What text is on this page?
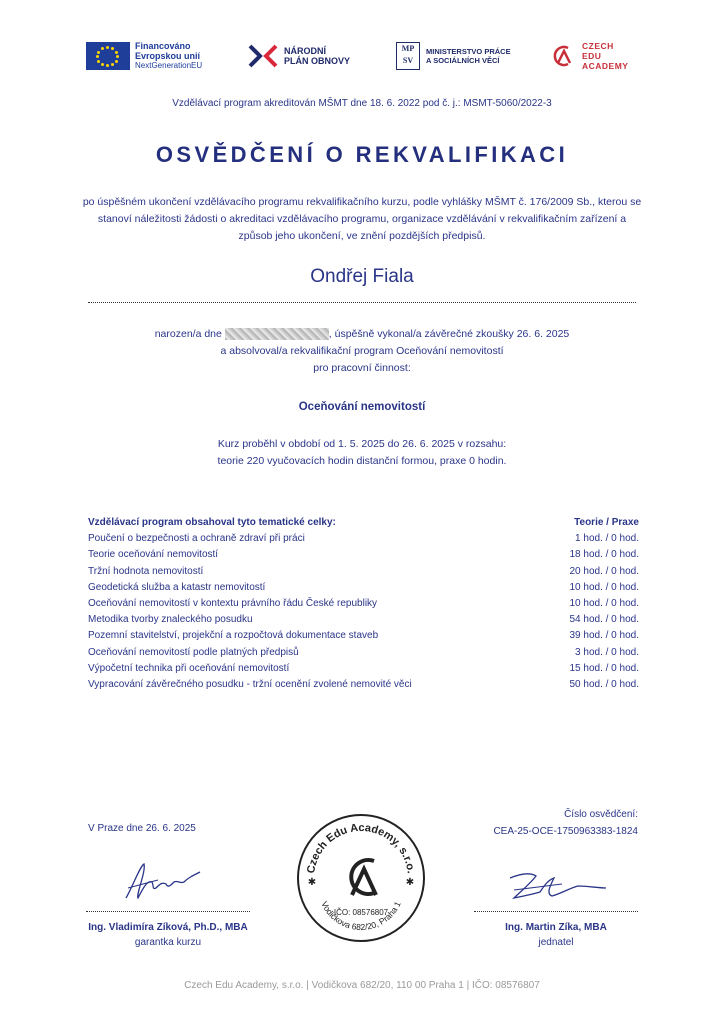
Financováno
Evropskou unií
NextGenerationEU
NÁRODNÍ
PLÁN OBNOVY
MP
SV
MINISTERSTVO PRÁCE
A SOCIÁLNÍCH VĚCÍ
CZECH
EDU
ACADEMY
Vzdělávací program akreditován MŠMT dne 18. 6. 2022 pod č. j.: MSMT-5060/2022-3
OSVĚDČENÍ O REKVALIFIKACI
po úspěšném ukončení vzdělávacího programu rekvalifikačního kurzu, podle vyhlášky MŠMT č. 176/2009 Sb., kterou se stanoví náležitosti žádosti o akreditaci vzdělávacího programu, organizace vzdělávání v rekvalifikačním zařízení a způsob jeho ukončení, ve znění pozdějších předpisů.
Ondřej Fiala
narozen/a dne	, úspěšně vykonal/a závěrečné zkoušky 26. 6. 2025
a absolvoval/a rekvalifikační program Oceňování nemovitostí
pro pracovní činnost:
Oceňování nemovitostí
Kurz proběhl v období od 1. 5. 2025 do 26. 6. 2025 v rozsahu:
teorie 220 vyučovacích hodin distanční formou, praxe 0 hodin.
Vzdělávací program obsahoval tyto tematické celky:	Teorie / Praxe
Poučení o bezpečnosti a ochraně zdraví při práci	1 hod. / 0 hod.
Teorie oceňování nemovitostí	18 hod. / 0 hod.
Tržní hodnota nemovitostí	20 hod. / 0 hod.
Geodetická služba a katastr nemovitostí	10 hod. / 0 hod.
Oceňování nemovitostí v kontextu právního řádu České republiky	10 hod. / 0 hod.
Metodika tvorby znaleckého posudku	54 hod. / 0 hod.
Pozemní stavitelství, projekční a rozpočtová dokumentace staveb	39 hod. / 0 hod.
Oceňování nemovitostí podle platných předpisů	3 hod. / 0 hod.
Výpočetní technika při oceňování nemovitostí	15 hod. / 0 hod.
Vypracování závěrečného posudku - tržní ocenění zvolené nemovité věci	50 hod. / 0 hod.
V Praze dne 26. 6. 2025
Číslo osvědčení:
CEA-25-OCE-1750963383-1824
Czech Edu Academy, s.r.o.
Vodičkova 682/20, Praha 1
IČO: 08576807
✱	✱
Ing. Vladimíra Zíková, Ph.D., MBA
garantka kurzu
Ing. Martin Zíka, MBA
jednatel
Czech Edu Academy, s.r.o. | Vodičkova 682/20, 110 00 Praha 1 | IČO: 08576807
